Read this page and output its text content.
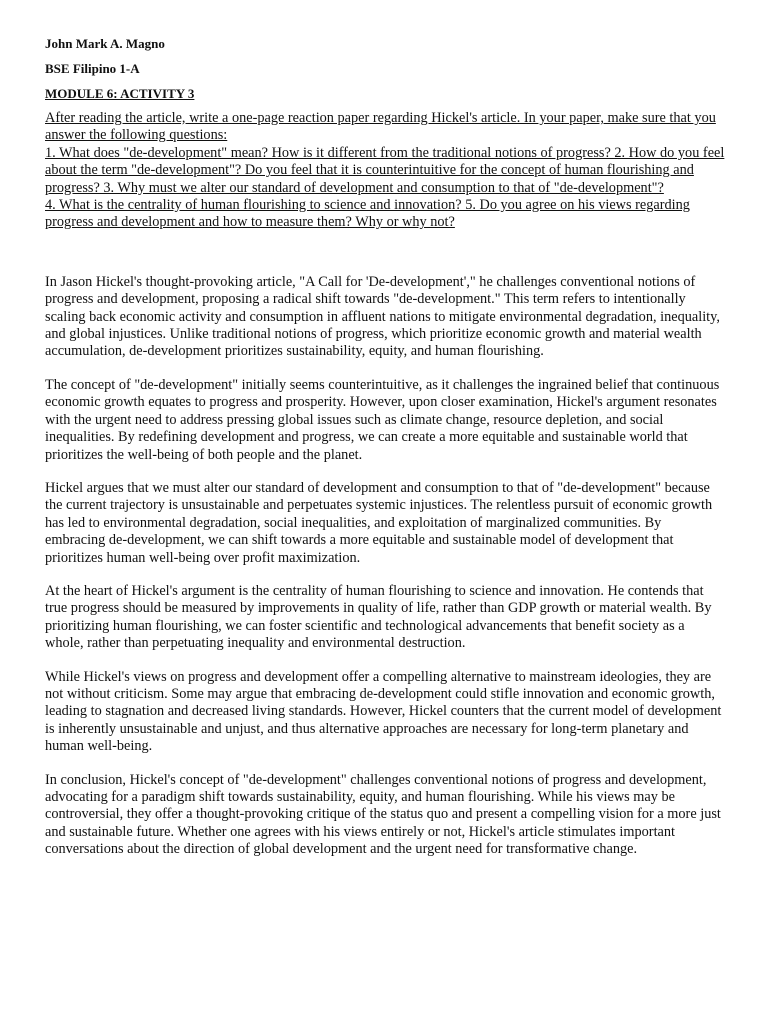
John Mark A. Magno
BSE Filipino 1-A
MODULE 6: ACTIVITY 3
After reading the article, write a one-page reaction paper regarding Hickel's article. In your paper, make sure that you answer the following questions:
1. What does "de-development" mean? How is it different from the traditional notions of progress? 2. How do you feel about the term "de-development"? Do you feel that it is counterintuitive for the concept of human flourishing and progress? 3. Why must we alter our standard of development and consumption to that of "de-development"?
4. What is the centrality of human flourishing to science and innovation? 5. Do you agree on his views regarding progress and development and how to measure them? Why or why not?

In Jason Hickel's thought-provoking article, "A Call for 'De-development'," he challenges conventional notions of progress and development, proposing a radical shift towards "de-development." This term refers to intentionally scaling back economic activity and consumption in affluent nations to mitigate environmental degradation, inequality, and global injustices. Unlike traditional notions of progress, which prioritize economic growth and material wealth accumulation, de-development prioritizes sustainability, equity, and human flourishing.

The concept of "de-development" initially seems counterintuitive, as it challenges the ingrained belief that continuous economic growth equates to progress and prosperity. However, upon closer examination, Hickel's argument resonates with the urgent need to address pressing global issues such as climate change, resource depletion, and social inequalities. By redefining development and progress, we can create a more equitable and sustainable world that prioritizes the well-being of both people and the planet.

Hickel argues that we must alter our standard of development and consumption to that of "de-development" because the current trajectory is unsustainable and perpetuates systemic injustices. The relentless pursuit of economic growth has led to environmental degradation, social inequalities, and exploitation of marginalized communities. By embracing de-development, we can shift towards a more equitable and sustainable model of development that prioritizes human well-being over profit maximization.

At the heart of Hickel's argument is the centrality of human flourishing to science and innovation. He contends that true progress should be measured by improvements in quality of life, rather than GDP growth or material wealth. By prioritizing human flourishing, we can foster scientific and technological advancements that benefit society as a whole, rather than perpetuating inequality and environmental destruction.

While Hickel's views on progress and development offer a compelling alternative to mainstream ideologies, they are not without criticism. Some may argue that embracing de-development could stifle innovation and economic growth, leading to stagnation and decreased living standards. However, Hickel counters that the current model of development is inherently unsustainable and unjust, and thus alternative approaches are necessary for long-term planetary and human well-being.

In conclusion, Hickel's concept of "de-development" challenges conventional notions of progress and development, advocating for a paradigm shift towards sustainability, equity, and human flourishing. While his views may be controversial, they offer a thought-provoking critique of the status quo and present a compelling vision for a more just and sustainable future. Whether one agrees with his views entirely or not, Hickel's article stimulates important conversations about the direction of global development and the urgent need for transformative change.
